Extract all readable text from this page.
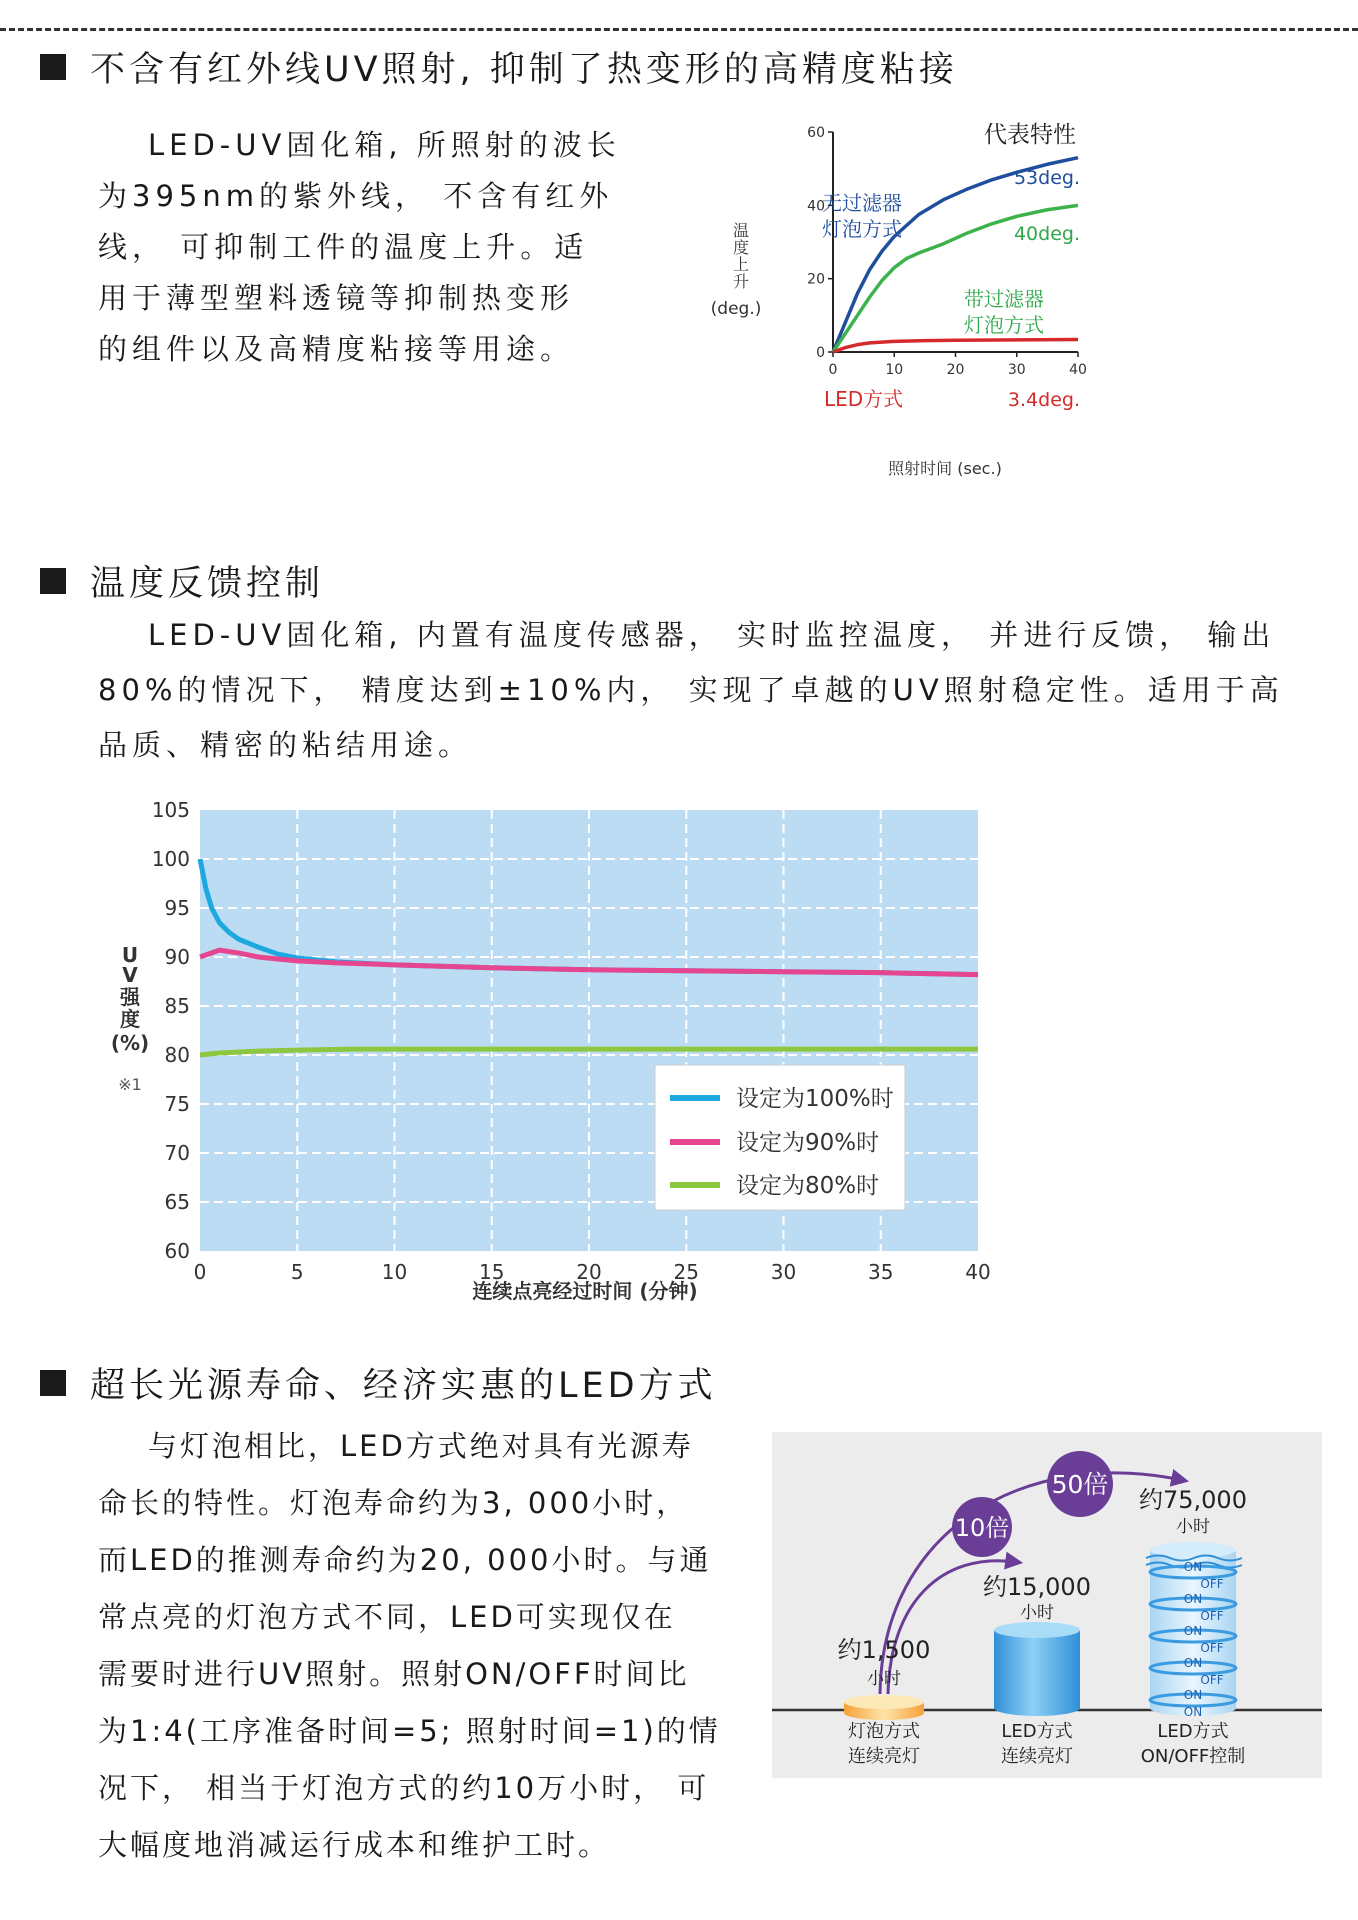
不含有红外线UV照射, 抑制了热变形的高精度粘接

LED-UV固化箱, 所照射的波长

为395nm的紫外线， 不含有红外

线， 可抑制工件的温度上升。适

用于薄型塑料透镜等抑制热变形

的组件以及高精度粘接等用途。

代表特性
温
度
上
升
(deg.)
0
20
40
60
0	10	20	30	40
无过滤器
灯泡方式
53deg.
40deg.
带过滤器
灯泡方式
LED方式	3.4deg.
照射时间 (sec.)
温度反馈控制

LED-UV固化箱, 内置有温度传感器， 实时监控温度， 并进行反馈， 输出

80%的情况下， 精度达到±10%内， 实现了卓越的UV照射稳定性。适用于高

品质、精密的粘结用途。

U
V
强
度
(%)
※1
60
65
70
75
80
85
90
95
100
105
0	5	10	15	20	25	30	35	40
设定为100%时
设定为90%时
设定为80%时
连续点亮经过时间 (分钟)
超长光源寿命、经济实惠的LED方式

与灯泡相比，LED方式绝对具有光源寿

命长的特性。灯泡寿命约为3, 000小时，

而LED的推测寿命约为20, 000小时。与通

常点亮的灯泡方式不同，LED可实现仅在

需要时进行UV照射。照射ON/OFF时间比

为1:4(工序准备时间=5; 照射时间=1)的情

况下， 相当于灯泡方式的约10万小时， 可

大幅度地消减运行成本和维护工时。

ON
OFF
ON
OFF
ON
OFF
ON
OFF
ON
ON
10倍
50倍
约1,500
小时
约15,000
小时
约75,000
小时
灯泡方式
连续亮灯
LED方式
连续亮灯
LED方式
ON/OFF控制
